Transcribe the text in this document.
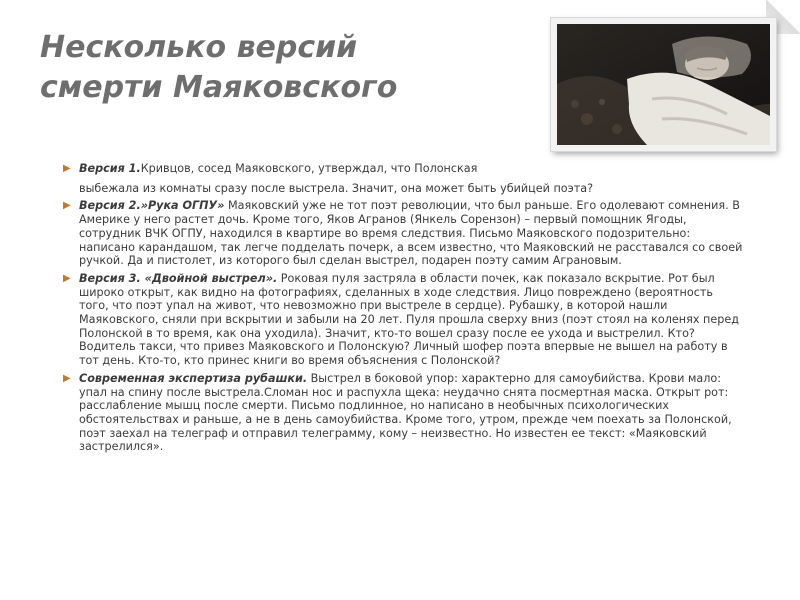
Несколько версий
смерти Маяковского
▶ Версия 1.Кривцов, сосед Маяковского, утверждал, что Полонская
выбежала из комнаты сразу после выстрела. Значит, она может быть убийцей поэта?
▶ Версия 2.»Рука ОГПУ» Маяковский уже не тот поэт революции, что был раньше. Его одолевают сомнения. В Америке у него растет дочь. Кроме того, Яков Агранов (Янкель Сорензон) – первый помощник Ягоды, сотрудник ВЧК ОГПУ, находился в квартире во время следствия. Письмо Маяковского подозрительно: написано карандашом, так легче подделать почерк, а всем известно, что Маяковский не расставался со своей ручкой. Да и пистолет, из которого был сделан выстрел, подарен поэту самим Аграновым.
▶ Версия 3. «Двойной выстрел». Роковая пуля застряла в области почек, как показало вскрытие. Рот был широко открыт, как видно на фотографиях, сделанных в ходе следствия. Лицо повреждено (вероятность того, что поэт упал на живот, что невозможно при выстреле в сердце). Рубашку, в которой нашли Маяковского, сняли при вскрытии и забыли на 20 лет. Пуля прошла сверху вниз (поэт стоял на коленях перед Полонской в то время, как она уходила). Значит, кто-то вошел сразу после ее ухода и выстрелил. Кто? Водитель такси, что привез Маяковского и Полонскую? Личный шофер поэта впервые не вышел на работу в тот день. Кто-то, кто принес книги во время объяснения с Полонской?
▶ Современная экспертиза рубашки. Выстрел в боковой упор: характерно для самоубийства. Крови мало: упал на спину после выстрела.Сломан нос и распухла щека: неудачно снята посмертная маска. Открыт рот: расслабление мышц после смерти. Письмо подлинное, но написано в необычных психологических обстоятельствах и раньше, а не в день самоубийства. Кроме того, утром, прежде чем поехать за Полонской, поэт заехал на телеграф и отправил телеграмму, кому – неизвестно. Но известен ее текст: «Маяковский застрелился».
